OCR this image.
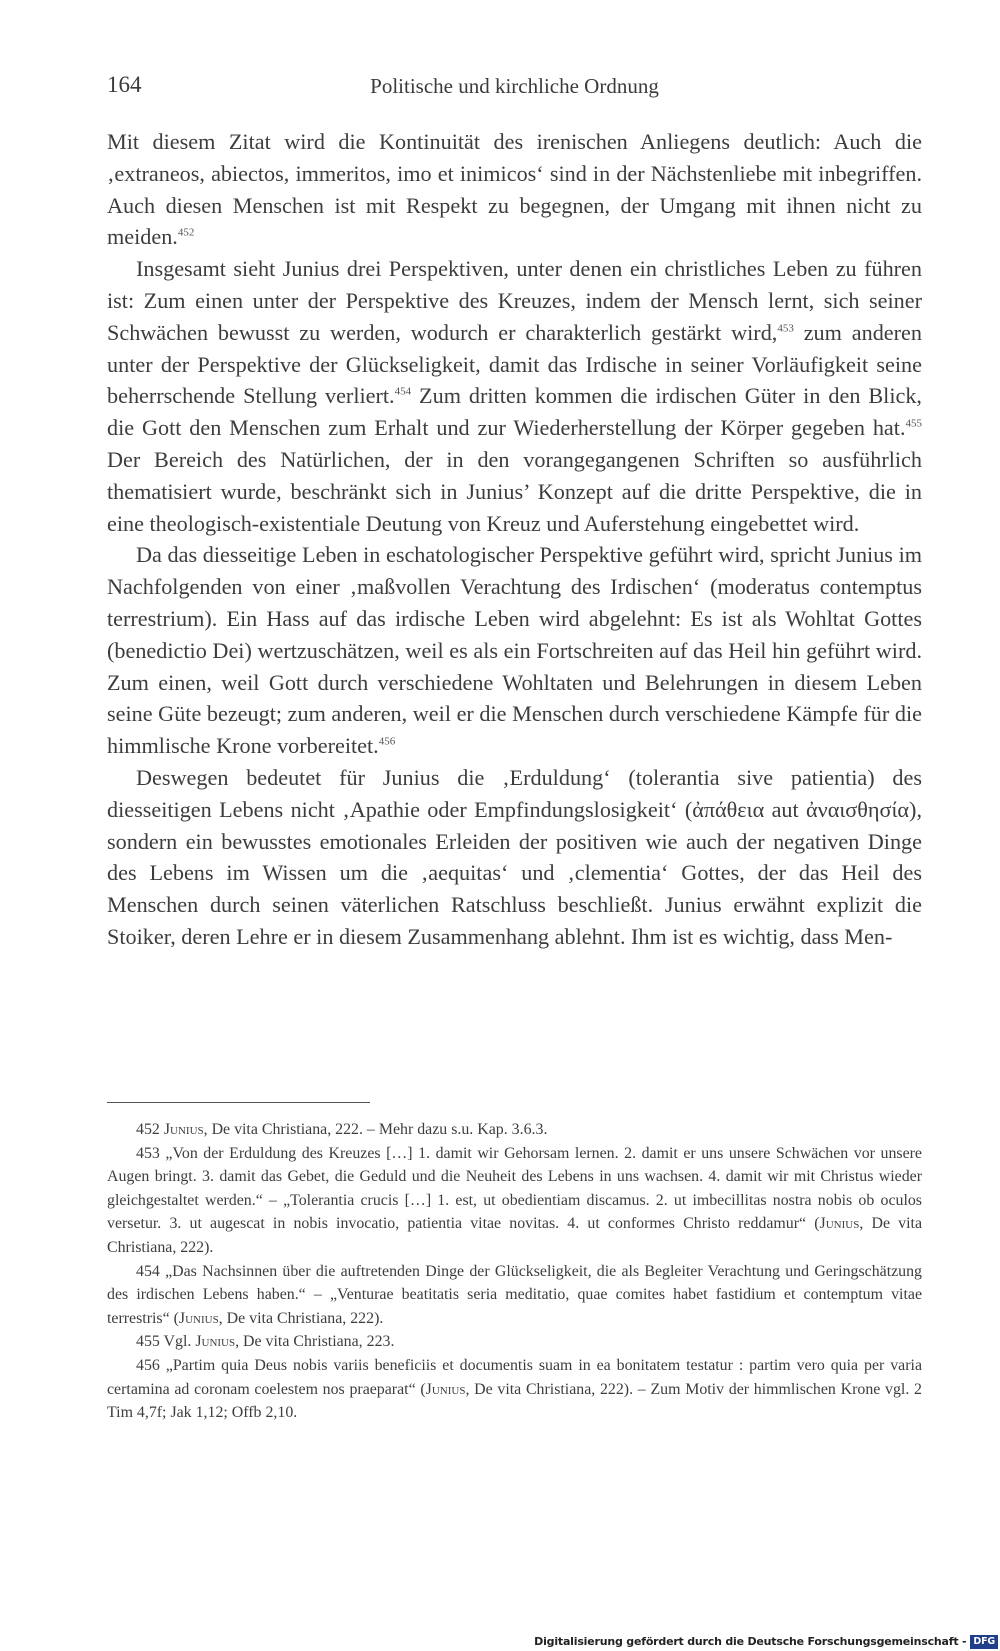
164	Politische und kirchliche Ordnung

Mit diesem Zitat wird die Kontinuität des irenischen Anliegens deutlich: Auch die ‚extraneos, abiectos, immeritos, imo et inimicos‘ sind in der Nächstenliebe mit inbegriffen. Auch diesen Menschen ist mit Respekt zu begegnen, der Umgang mit ihnen nicht zu meiden.$^{452}$

Insgesamt sieht Junius drei Perspektiven, unter denen ein christliches Leben zu führen ist: Zum einen unter der Perspektive des Kreuzes, indem der Mensch lernt, sich seiner Schwächen bewusst zu werden, wodurch er charakterlich gestärkt wird,$^{453}$ zum anderen unter der Perspektive der Glückseligkeit, damit das Irdische in seiner Vorläufigkeit seine beherrschende Stellung verliert.$^{454}$ Zum dritten kommen die irdischen Güter in den Blick, die Gott den Menschen zum Erhalt und zur Wiederherstellung der Körper gegeben hat.$^{455}$ Der Bereich des Natürlichen, der in den vorangegangenen Schriften so ausführlich thematisiert wurde, beschränkt sich in Junius’ Konzept auf die dritte Perspektive, die in eine theologisch-existentiale Deutung von Kreuz und Auferstehung eingebettet wird.

Da das diesseitige Leben in eschatologischer Perspektive geführt wird, spricht Junius im Nachfolgenden von einer ‚maßvollen Verachtung des Irdischen‘ (moderatus contemptus terrestrium). Ein Hass auf das irdische Leben wird abgelehnt: Es ist als Wohltat Gottes (benedictio Dei) wertzuschätzen, weil es als ein Fortschreiten auf das Heil hin geführt wird. Zum einen, weil Gott durch verschiedene Wohltaten und Belehrungen in diesem Leben seine Güte bezeugt; zum anderen, weil er die Menschen durch verschiedene Kämpfe für die himmlische Krone vorbereitet.$^{456}$

Deswegen bedeutet für Junius die ‚Erduldung‘ (tolerantia sive patientia) des diesseitigen Lebens nicht ‚Apathie oder Empfindungslosigkeit‘ (ἀπάθεια aut ἀναισθησία), sondern ein bewusstes emotionales Erleiden der positiven wie auch der negativen Dinge des Lebens im Wissen um die ‚aequitas‘ und ‚clementia‘ Gottes, der das Heil des Menschen durch seinen väterlichen Ratschluss beschließt. Junius erwähnt explizit die Stoiker, deren Lehre er in diesem Zusammenhang ablehnt. Ihm ist es wichtig, dass Men-

452 Junius, De vita Christiana, 222. – Mehr dazu s.u. Kap. 3.6.3.

453 „Von der Erduldung des Kreuzes […] 1. damit wir Gehorsam lernen. 2. damit er uns unsere Schwächen vor unsere Augen bringt. 3. damit das Gebet, die Geduld und die Neuheit des Lebens in uns wachsen. 4. damit wir mit Christus wieder gleichgestaltet werden.“ – „Tolerantia crucis […] 1. est, ut obedientiam discamus. 2. ut imbecillitas nostra nobis ob oculos versetur. 3. ut augescat in nobis invocatio, patientia vitae novitas. 4. ut conformes Christo reddamur“ (Junius, De vita Christiana, 222).

454 „Das Nachsinnen über die auftretenden Dinge der Glückseligkeit, die als Begleiter Verachtung und Geringschätzung des irdischen Lebens haben.“ – „Venturae beatitatis seria meditatio, quae comites habet fastidium et contemptum vitae terrestris“ (Junius, De vita Christiana, 222).

455 Vgl. Junius, De vita Christiana, 223.

456 „Partim quia Deus nobis variis beneficiis et documentis suam in ea bonitatem testatur : partim vero quia per varia certamina ad coronam coelestem nos praeparat“ (Junius, De vita Christiana, 222). – Zum Motiv der himmlischen Krone vgl. 2 Tim 4,7f; Jak 1,12; Offb 2,10.

Digitalisierung gefördert durch die Deutsche Forschungsgemeinschaft - DFG
